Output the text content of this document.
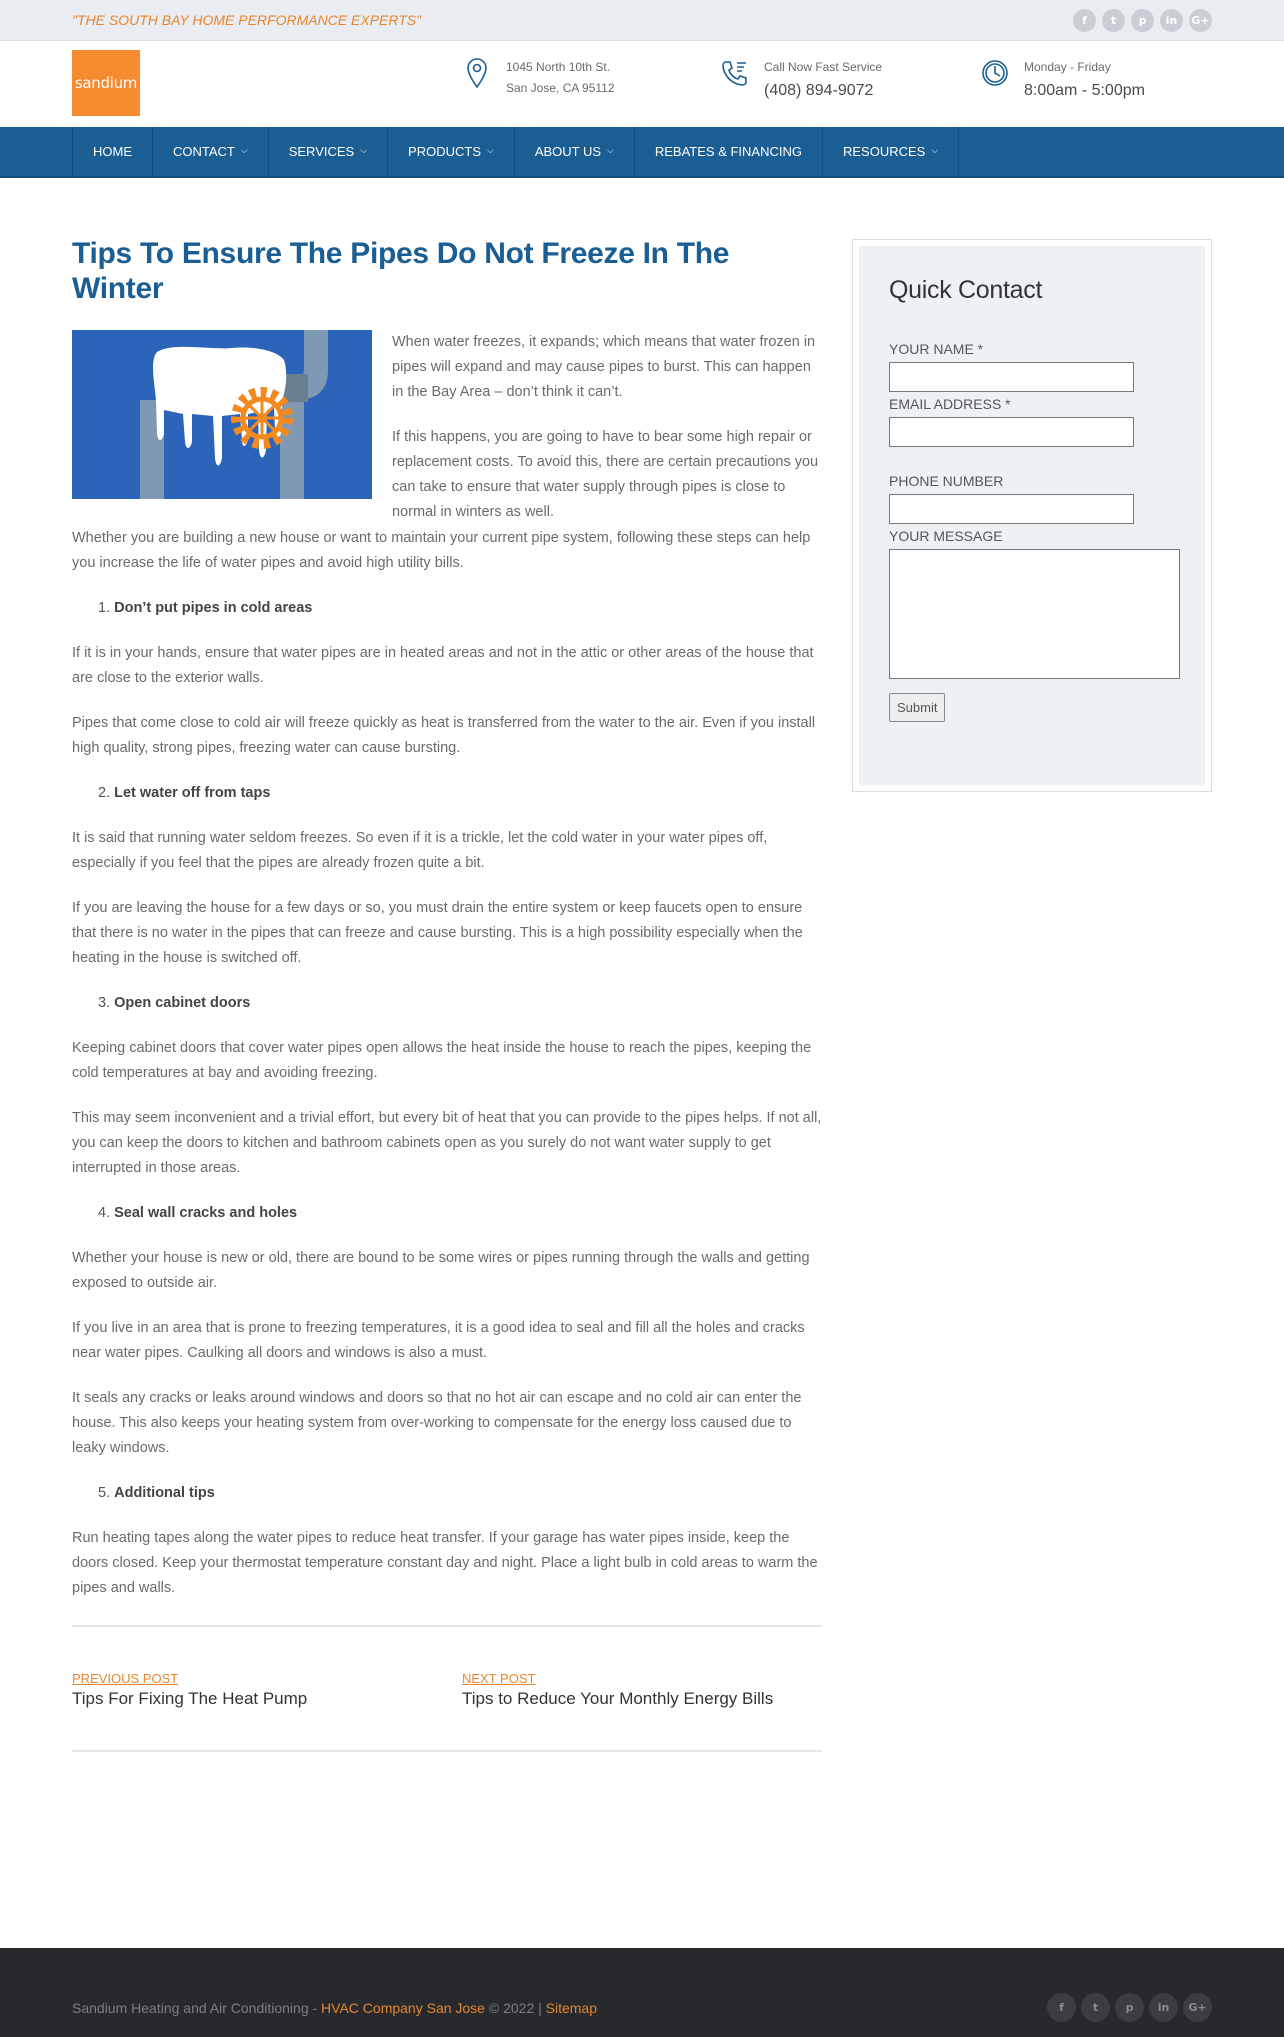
"THE SOUTH BAY HOME PERFORMANCE EXPERTS"	f	t	p	in	G+
sandium
1045 North 10th St.
San Jose, CA 95112
Call Now Fast Service
(408) 894-9072
Monday - Friday
8:00am - 5:00pm
HOME	CONTACT ⌵	SERVICES ⌵	PRODUCTS ⌵	ABOUT US ⌵	REBATES & FINANCING	RESOURCES ⌵
Tips To Ensure The Pipes Do Not Freeze In The Winter

When water freezes, it expands; which means that water frozen in pipes will expand and may cause pipes to burst. This can happen in the Bay Area – don’t think it can’t.

If this happens, you are going to have to bear some high repair or replacement costs. To avoid this, there are certain precautions you can take to ensure that water supply through pipes is close to normal in winters as well.

Whether you are building a new house or want to maintain your current pipe system, following these steps can help you increase the life of water pipes and avoid high utility bills.

1. Don’t put pipes in cold areas

If it is in your hands, ensure that water pipes are in heated areas and not in the attic or other areas of the house that are close to the exterior walls.

Pipes that come close to cold air will freeze quickly as heat is transferred from the water to the air. Even if you install high quality, strong pipes, freezing water can cause bursting.

2. Let water off from taps

It is said that running water seldom freezes. So even if it is a trickle, let the cold water in your water pipes off, especially if you feel that the pipes are already frozen quite a bit.

If you are leaving the house for a few days or so, you must drain the entire system or keep faucets open to ensure that there is no water in the pipes that can freeze and cause bursting. This is a high possibility especially when the heating in the house is switched off.

3. Open cabinet doors

Keeping cabinet doors that cover water pipes open allows the heat inside the house to reach the pipes, keeping the cold temperatures at bay and avoiding freezing.

This may seem inconvenient and a trivial effort, but every bit of heat that you can provide to the pipes helps. If not all, you can keep the doors to kitchen and bathroom cabinets open as you surely do not want water supply to get interrupted in those areas.

4. Seal wall cracks and holes

Whether your house is new or old, there are bound to be some wires or pipes running through the walls and getting exposed to outside air.

If you live in an area that is prone to freezing temperatures, it is a good idea to seal and fill all the holes and cracks near water pipes. Caulking all doors and windows is also a must.

It seals any cracks or leaks around windows and doors so that no hot air can escape and no cold air can enter the house. This also keeps your heating system from over-working to compensate for the energy loss caused due to leaky windows.

5. Additional tips

Run heating tapes along the water pipes to reduce heat transfer. If your garage has water pipes inside, keep the doors closed. Keep your thermostat temperature constant day and night. Place a light bulb in cold areas to warm the pipes and walls.

PREVIOUS POST
Tips For Fixing The Heat Pump
NEXT POST
Tips to Reduce Your Monthly Energy Bills
Quick Contact
YOUR NAME *
EMAIL ADDRESS *
PHONE NUMBER
YOUR MESSAGE
Submit
Sandium Heating and Air Conditioning - HVAC Company San Jose © 2022 | Sitemap	f	t	p	in	G+
